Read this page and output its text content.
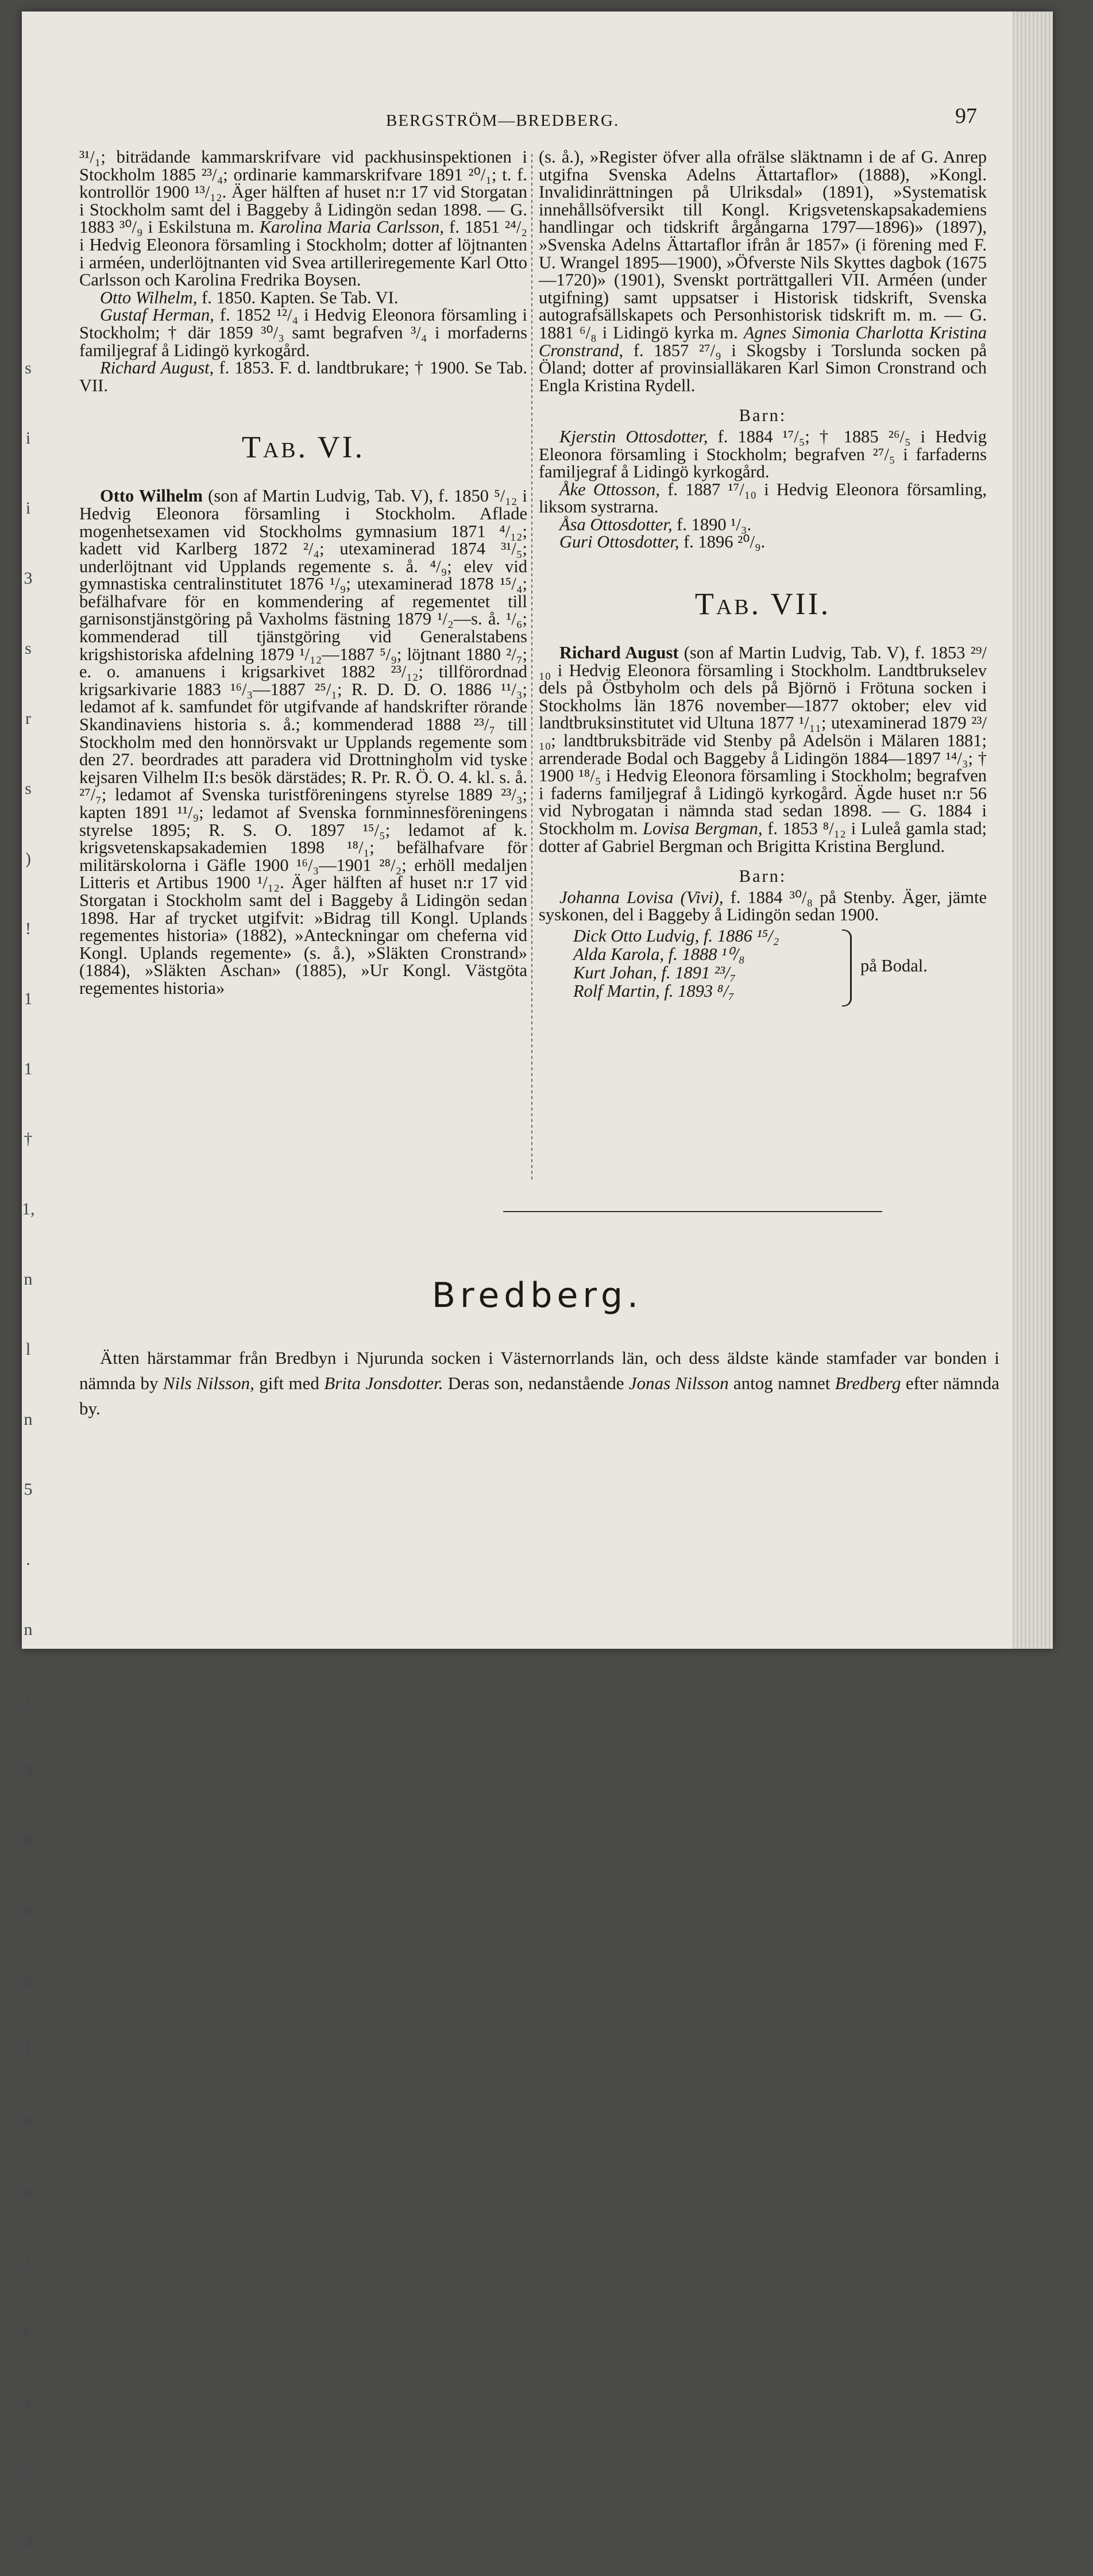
s
i
i
3
s
r
s
)
!
1
1
†
1,
n
l
n
5
.
n
t
3
h
n
a
l
n
a
i
r.
s
-
3
BERGSTRÖM—BREDBERG.	97

³¹/₁; biträdande kammarskrifvare vid packhusinspektionen i Stockholm 1885 ²³/₄; ordinarie kammarskrifvare 1891 ²⁰/₁; t. f. kontrollör 1900 ¹³/₁₂. Äger hälften af huset n:r 17 vid Storgatan i Stockholm samt del i Baggeby å Lidingön sedan 1898. — G. 1883 ³⁰/₉ i Eskilstuna m. Karolina Maria Carlsson, f. 1851 ²⁴/₂ i Hedvig Eleonora församling i Stockholm; dotter af löjtnanten i arméen, underlöjtnanten vid Svea artilleriregemente Karl Otto Carlsson och Karolina Fredrika Boysen.

Otto Wilhelm, f. 1850. Kapten. Se Tab. VI.

Gustaf Herman, f. 1852 ¹²/₄ i Hedvig Eleonora församling i Stockholm; † där 1859 ³⁰/₃ samt begrafven ³/₄ i morfaderns familjegraf å Lidingö kyrkogård.

Richard August, f. 1853. F. d. landtbrukare; † 1900. Se Tab. VII.

Tab. VI.

Otto Wilhelm (son af Martin Ludvig, Tab. V), f. 1850 ⁵/₁₂ i Hedvig Eleonora församling i Stockholm. Aflade mogenhetsexamen vid Stockholms gymnasium 1871 ⁴/₁₂; kadett vid Karlberg 1872 ²/₄; utexaminerad 1874 ³¹/₅; underlöjtnant vid Upplands regemente s. å. ⁴/₉; elev vid gymnastiska centralinstitutet 1876 ¹/₉; utexaminerad 1878 ¹⁵/₄; befälhafvare för en kommendering af regementet till garnisonstjänstgöring på Vaxholms fästning 1879 ¹/₂—s. å. ¹/₆; kommenderad till tjänstgöring vid Generalstabens krigshistoriska afdelning 1879 ¹/₁₂—1887 ⁵/₉; löjtnant 1880 ²/₇; e. o. amanuens i krigsarkivet 1882 ²³/₁₂; tillförordnad krigsarkivarie 1883 ¹⁶/₃—1887 ²⁵/₁; R. D. D. O. 1886 ¹¹/₃; ledamot af k. samfundet för utgifvande af handskrifter rörande Skandinaviens historia s. å.; kommenderad 1888 ²³/₇ till Stockholm med den honnörsvakt ur Upplands regemente som den 27. beordrades att paradera vid Drottningholm vid tyske kejsaren Vilhelm II:s besök därstädes; R. Pr. R. Ö. O. 4. kl. s. å. ²⁷/₇; ledamot af Svenska turistföreningens styrelse 1889 ²³/₃; kapten 1891 ¹¹/₉; ledamot af Svenska fornminnesföreningens styrelse 1895; R. S. O. 1897 ¹⁵/₅; ledamot af k. krigsvetenskapsakademien 1898 ¹⁸/₁; befälhafvare för militärskolorna i Gäfle 1900 ¹⁶/₃—1901 ²⁸/₂; erhöll medaljen Litteris et Artibus 1900 ¹/₁₂. Äger hälften af huset n:r 17 vid Storgatan i Stockholm samt del i Baggeby å Lidingön sedan 1898. Har af trycket utgifvit: »Bidrag till Kongl. Uplands regementes historia» (1882), »Anteckningar om cheferna vid Kongl. Uplands regemente» (s. å.), »Släkten Cronstrand» (1884), »Släkten Aschan» (1885), »Ur Kongl. Västgöta regementes historia»

(s. å.), »Register öfver alla ofrälse släktnamn i de af G. Anrep utgifna Svenska Adelns Ättartaflor» (1888), »Kongl. Invalidinrättningen på Ulriksdal» (1891), »Systematisk innehållsöfversikt till Kongl. Krigsvetenskapsakademiens handlingar och tidskrift årgångarna 1797—1896)» (1897), »Svenska Adelns Ättartaflor ifrån år 1857» (i förening med F. U. Wrangel 1895—1900), »Öfverste Nils Skyttes dagbok (1675—1720)» (1901), Svenskt porträttgalleri VII. Arméen (under utgifning) samt uppsatser i Historisk tidskrift, Svenska autografsällskapets och Personhistorisk tidskrift m. m. — G. 1881 ⁶/₈ i Lidingö kyrka m. Agnes Simonia Charlotta Kristina Cronstrand, f. 1857 ²⁷/₉ i Skogsby i Torslunda socken på Öland; dotter af provinsialläkaren Karl Simon Cronstrand och Engla Kristina Rydell.

Barn:

Kjerstin Ottosdotter, f. 1884 ¹⁷/₅; † 1885 ²⁶/₅ i Hedvig Eleonora församling i Stockholm; begrafven ²⁷/₅ i farfaderns familjegraf å Lidingö kyrkogård.

Åke Ottosson, f. 1887 ¹⁷/₁₀ i Hedvig Eleonora församling, liksom systrarna.

Åsa Ottosdotter, f. 1890 ¹/₃.

Guri Ottosdotter, f. 1896 ²⁰/₉.

Tab. VII.

Richard August (son af Martin Ludvig, Tab. V), f. 1853 ²⁹/₁₀ i Hedvig Eleonora församling i Stockholm. Landtbrukselev dels på Östbyholm och dels på Björnö i Frötuna socken i Stockholms län 1876 november—1877 oktober; elev vid landtbruksinstitutet vid Ultuna 1877 ¹/₁₁; utexaminerad 1879 ²³/₁₀; landtbruksbiträde vid Stenby på Adelsön i Mälaren 1881; arrenderade Bodal och Baggeby å Lidingön 1884—1897 ¹⁴/₃; † 1900 ¹⁸/₅ i Hedvig Eleonora församling i Stockholm; begrafven i faderns familjegraf å Lidingö kyrkogård. Ägde huset n:r 56 vid Nybrogatan i nämnda stad sedan 1898. — G. 1884 i Stockholm m. Lovisa Bergman, f. 1853 ⁸/₁₂ i Luleå gamla stad; dotter af Gabriel Bergman och Brigitta Kristina Berglund.

Barn:

Johanna Lovisa (Vivi), f. 1884 ³⁰/₈ på Stenby. Äger, jämte syskonen, del i Baggeby å Lidingön sedan 1900.

Dick Otto Ludvig, f. 1886 ¹⁵/₂
Alda Karola, f. 1888 ¹⁰/₈
Kurt Johan, f. 1891 ²³/₇
Rolf Martin, f. 1893 ⁸/₇
på Bodal.
Bredberg.
Ätten härstammar från Bredbyn i Njurunda socken i Västernorrlands län, och dess äldste kände stamfader var bonden i nämnda by Nils Nilsson, gift med Brita Jonsdotter. Deras son, nedanstående Jonas Nilsson antog namnet Bredberg efter nämnda by.
